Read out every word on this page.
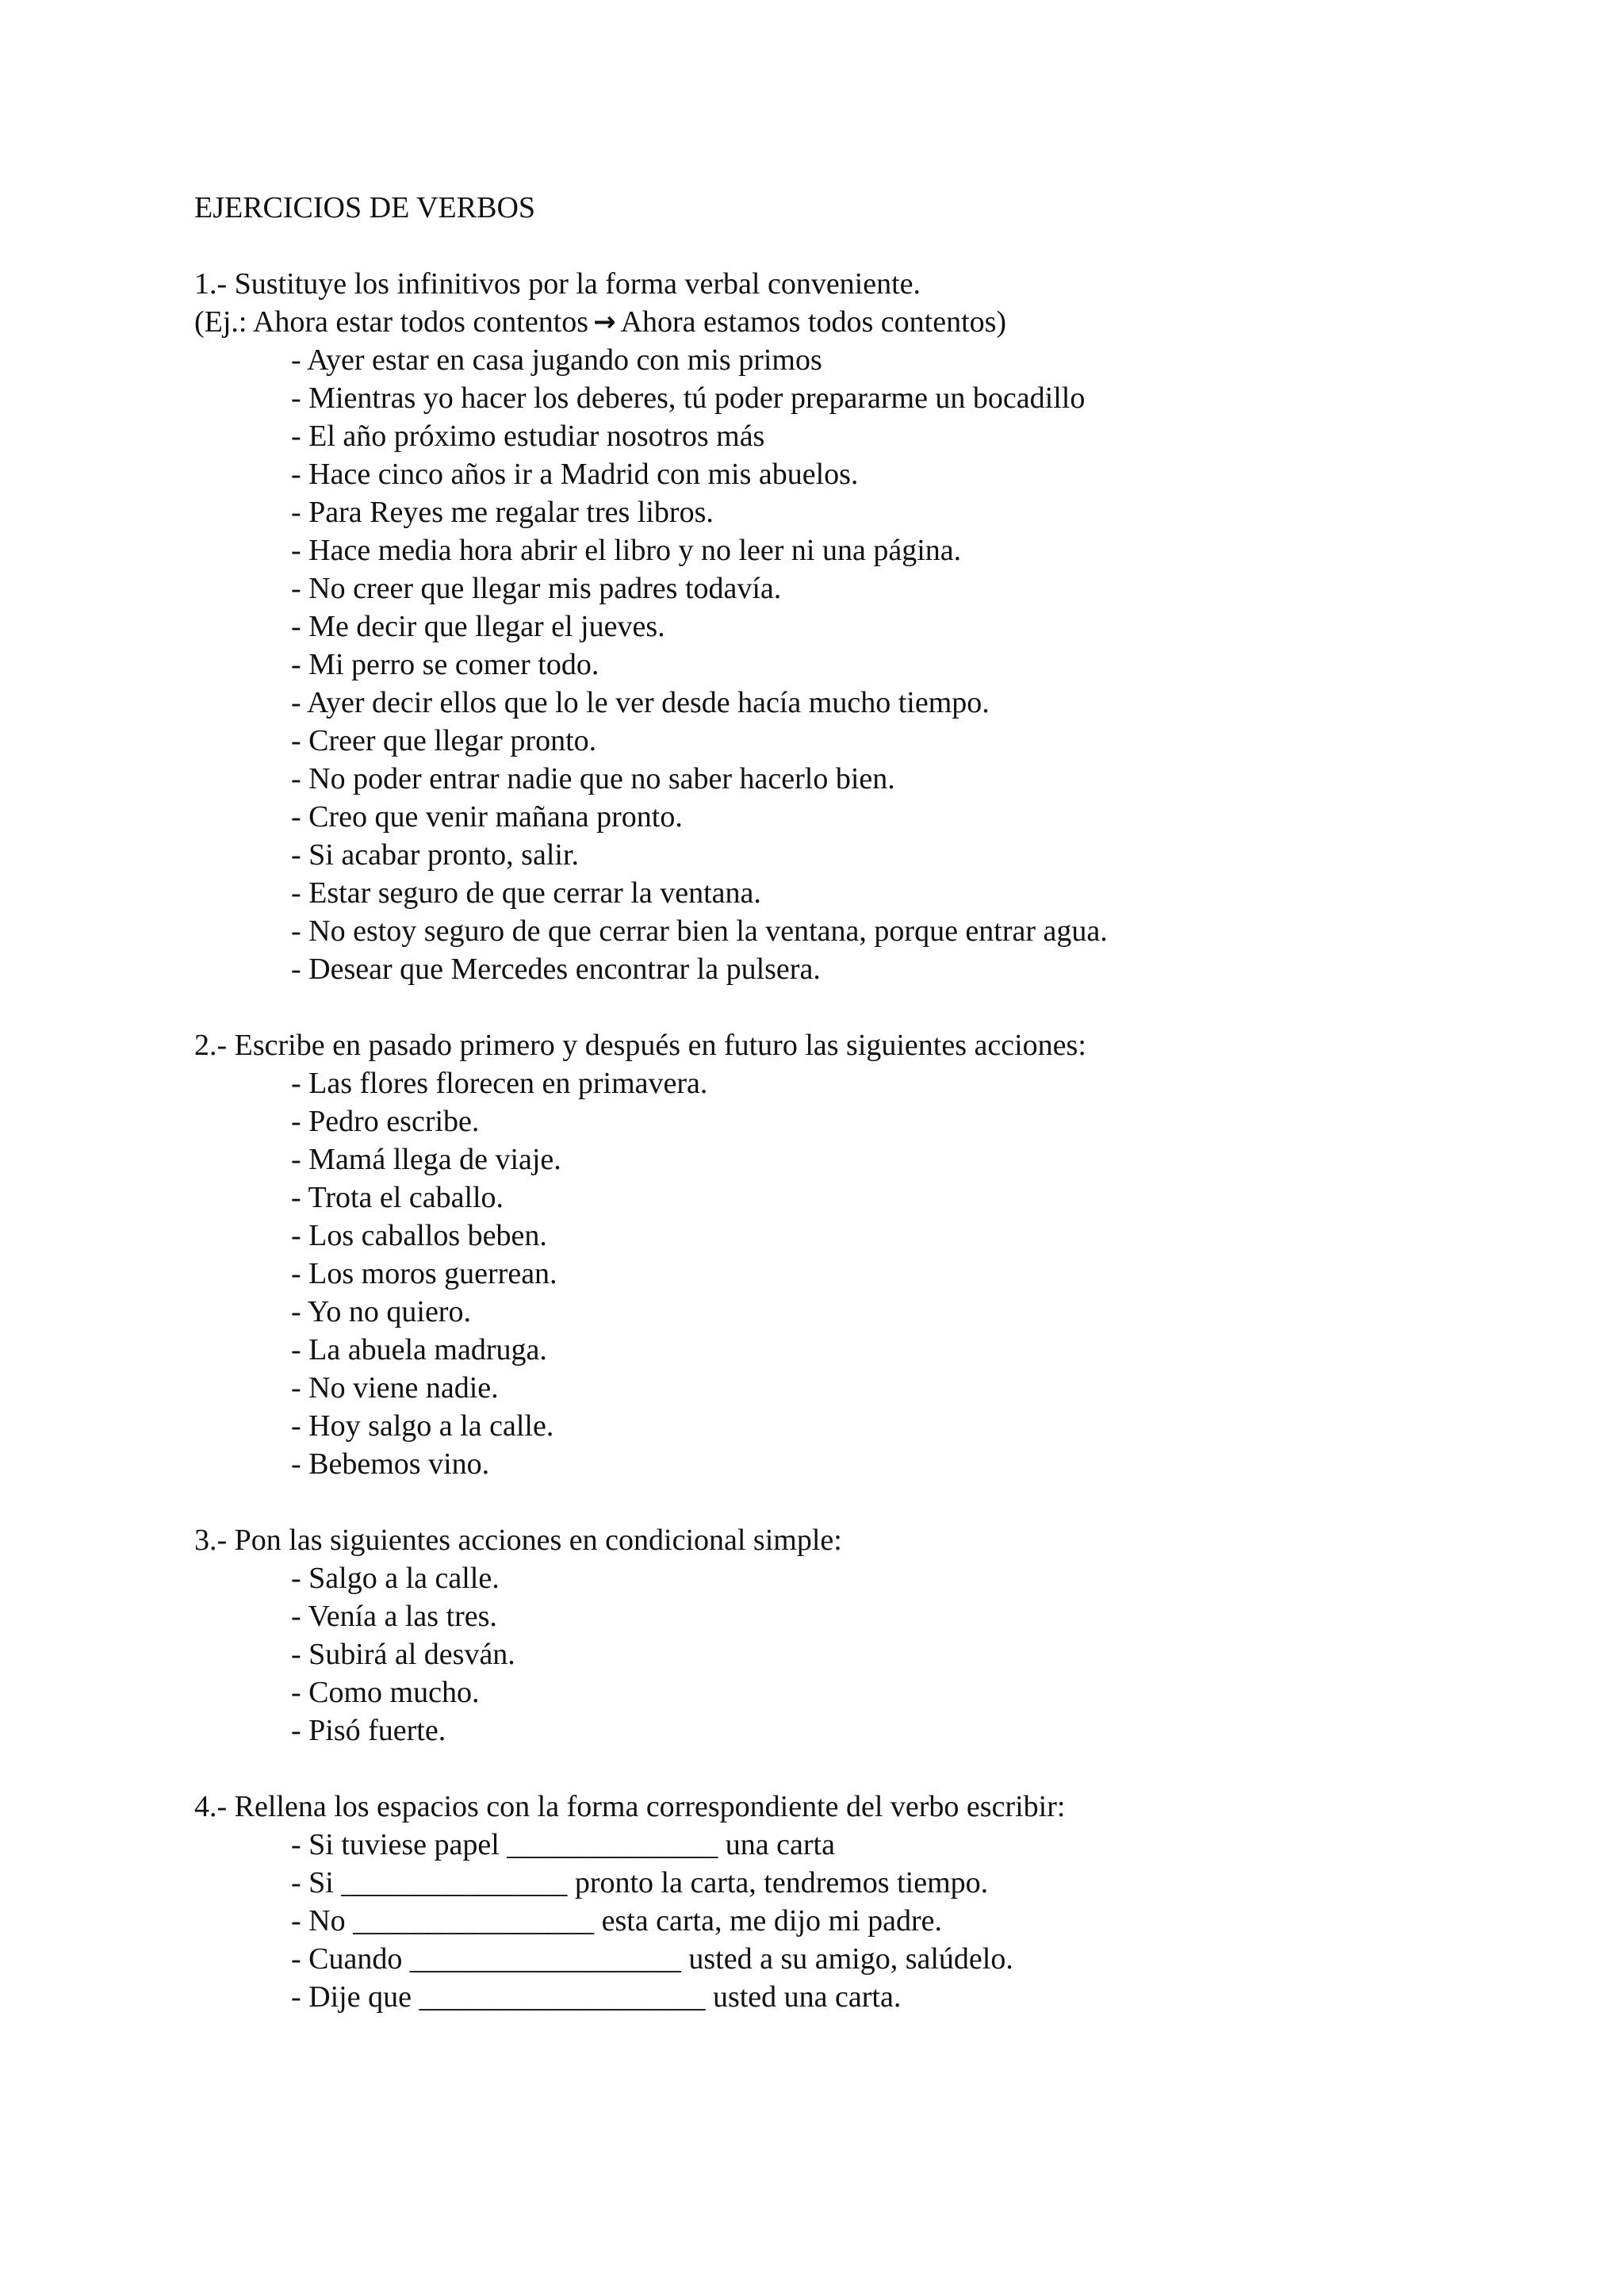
EJERCICIOS DE VERBOS
1.- Sustituye los infinitivos por la forma verbal conveniente.
(Ej.: Ahora estar todos contentos → Ahora estamos todos contentos)
- Ayer estar en casa jugando con mis primos
- Mientras yo hacer los deberes, tú poder prepararme un bocadillo
- El año próximo estudiar nosotros más
- Hace cinco años ir a Madrid con mis abuelos.
- Para Reyes me regalar tres libros.
- Hace media hora abrir el libro y no leer ni una página.
- No creer que llegar mis padres todavía.
- Me decir que llegar el jueves.
- Mi perro se comer todo.
- Ayer decir ellos que lo le ver desde hacía mucho tiempo.
- Creer que llegar pronto.
- No poder entrar nadie que no saber hacerlo bien.
- Creo que venir mañana pronto.
- Si acabar pronto, salir.
- Estar seguro de que cerrar la ventana.
- No estoy seguro de que cerrar bien la ventana, porque entrar agua.
- Desear que Mercedes encontrar la pulsera.
2.- Escribe en pasado primero y después en futuro las siguientes acciones:
- Las flores florecen en primavera.
- Pedro escribe.
- Mamá llega de viaje.
- Trota el caballo.
- Los caballos beben.
- Los moros guerrean.
- Yo no quiero.
- La abuela madruga.
- No viene nadie.
- Hoy salgo a la calle.
- Bebemos vino.
3.- Pon las siguientes acciones en condicional simple:
- Salgo a la calle.
- Venía a las tres.
- Subirá al desván.
- Como mucho.
- Pisó fuerte.
4.- Rellena los espacios con la forma correspondiente del verbo escribir:
- Si tuviese papel ______________ una carta
- Si _______________ pronto la carta, tendremos tiempo.
- No ________________ esta carta, me dijo mi padre.
- Cuando __________________ usted a su amigo, salúdelo.
- Dije que ___________________ usted una carta.
